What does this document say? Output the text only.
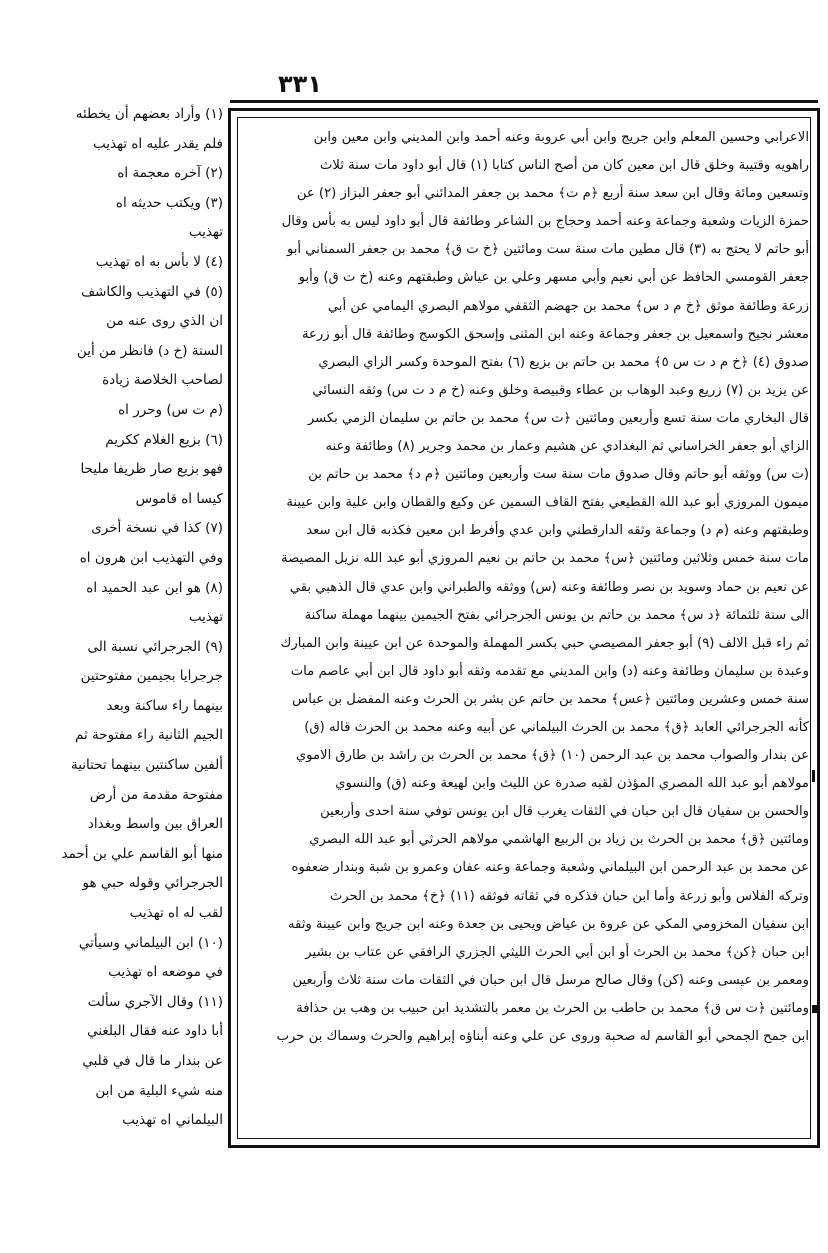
٣٣١
الاعرابي وحسين المعلم وابن جريج وابن أبي عروبة وعنه أحمد وابن المديني وابن معين وابن
راهويه وقتيبة وخلق قال ابن معين كان من أصح الناس كتابا (١) قال أبو داود مات سنة ثلاث
وتسعين ومائة وقال ابن سعد سنة أربع ﴿م ت﴾ محمد بن جعفر المدائني أبو جعفر البزاز (٢) عن
حمزة الزيات وشعبة وجماعة وعنه أحمد وحجاج بن الشاعر وطائفة قال أبو داود ليس به بأس وقال
أبو حاتم لا يحتج به (٣) قال مطين مات سنة ست ومائتين ﴿خ ت ق﴾ محمد بن جعفر السمناني أبو
جعفر القومسي الحافظ عن أبي نعيم وأبي مسهر وعلي بن عياش وطبقتهم وعنه (خ ت ق) وأبو
زرعة وطائفة موثق ﴿خ م د س﴾ محمد بن جهضم الثقفي مولاهم البصري اليمامي عن أبي
معشر نجيح واسمعيل بن جعفر وجماعة وعنه ابن المثنى وإسحق الكوسج وطائفة قال أبو زرعة
صدوق (٤) ﴿خ م د ت س ٥﴾ محمد بن حاتم بن بزيع (٦) بفتح الموحدة وكسر الزاي البصري
عن يزيد بن (٧) زريع وعبد الوهاب بن عطاء وقبيصة وخلق وعنه (خ م د ت س) وثقه النسائي
قال البخاري مات سنة تسع وأربعين ومائتين ﴿ت س﴾ محمد بن حاتم بن سليمان الزمي بكسر
الزاي أبو جعفر الخراساني ثم البغدادي عن هشيم وعمار بن محمد وجرير (٨) وطائفة وعنه
(ت س) ووثقه أبو حاتم وقال صدوق مات سنة ست وأربعين ومائتين ﴿م د﴾ محمد بن حاتم بن
ميمون المروزي أبو عبد الله القطيعي بفتح القاف السمين عن وكيع والقطان وابن علية وابن عيينة
وطبقتهم وعنه (م د) وجماعة وثقه الدارقطني وابن عدي وأفرط ابن معين فكذبه قال ابن سعد
مات سنة خمس وثلاثين ومائتين ﴿س﴾ محمد بن حاتم بن نعيم المروزي أبو عبد الله نزيل المصيصة
عن نعيم بن حماد وسويد بن نصر وطائفة وعنه (س) ووثقه والطبراني وابن عدي قال الذهبي بقي
الى سنة ثلثمائة ﴿د س﴾ محمد بن حاتم بن يونس الجرجرائي بفتح الجيمين بينهما مهملة ساكنة
ثم راء قبل الالف (٩) أبو جعفر المصيصي حبي بكسر المهملة والموحدة عن ابن عيينة وابن المبارك
وعبدة بن سليمان وطائفة وعنه (د) وابن المديني مع تقدمه وثقه أبو داود قال ابن أبي عاصم مات
سنة خمس وعشرين ومائتين ﴿عس﴾ محمد بن حاتم عن بشر بن الحرث وعنه المفضل بن عباس
كأنه الجرجرائي العابد ﴿ق﴾ محمد بن الحرث البيلماني عن أبيه وعنه محمد بن الحرث قاله (ق)
عن بندار والصواب محمد بن عبد الرحمن (١٠) ﴿ق﴾ محمد بن الحرث بن راشد بن طارق الاموي
مولاهم أبو عبد الله المصري المؤذن لقبه صدرة عن الليث وابن لهيعة وعنه (ق) والنسوي
والحسن بن سفيان قال ابن حبان في الثقات يغرب قال ابن يونس توفي سنة احدى وأربعين
ومائتين ﴿ق﴾ محمد بن الحرث بن زياد بن الربيع الهاشمي مولاهم الحرثي أبو عبد الله البصري
عن محمد بن عبد الرحمن ابن البيلماني وشعبة وجماعة وعنه عفان وعمرو بن شبة وبندار ضعفوه
وتركه الفلاس وأبو زرعة وأما ابن حبان فذكره في ثقاته فوثقه (١١) ﴿خ﴾ محمد بن الحرث
ابن سفيان المخزومي المكي عن عروة بن عياض ويحيى بن جعدة وعنه ابن جريج وابن عيينة وثقه
ابن حبان ﴿كن﴾ محمد بن الحرث أو ابن أبي الحرث الليثي الجزري الرافقي عن عتاب بن بشير
ومعمر بن عيسى وعنه (كن) وقال صالح مرسل قال ابن حبان في الثقات مات سنة ثلاث وأربعين
ومائتين ﴿ت س ق﴾ محمد بن حاطب بن الحرث بن معمر بالتشديد ابن حبيب بن وهب بن حذافة
ابن جمح الجمحي أبو القاسم له صحبة وروى عن علي وعنه أبناؤه إبراهيم والحرث وسماك بن حرب
(١) وأراد بعضهم أن يخطئه
فلم يقدر عليه اه تهذيب
(٢) آخره معجمة اه
(٣) ويكتب حديثه اه
تهذيب
(٤) لا بأس به اه تهذيب
(٥) في التهذيب والكاشف
ان الذي روى عنه من
الستة (خ د) فانظر من أين
لصاحب الخلاصة زيادة
(م ت س) وحرر اه
(٦) بزيع الغلام ككريم
فهو بزيع صار ظريفا مليحا
كيسا اه قاموس
(٧) كذا في نسخة أخرى
وفي التهذيب ابن هرون اه
(٨) هو ابن عبد الحميد اه
تهذيب
(٩) الجرجرائي نسبة الى
جرجرايا بجيمين مفتوحتين
بينهما راء ساكنة وبعد
الجيم الثانية راء مفتوحة ثم
ألفين ساكنتين بينهما تحتانية
مفتوحة مقدمة من أرض
العراق بين واسط وبغداد
منها أبو القاسم علي بن أحمد
الجرجرائي وقوله حبي هو
لقب له اه تهذيب
(١٠) ابن البيلماني وسيأتي
في موضعه اه تهذيب
(١١) وقال الآجري سألت
أبا داود عنه فقال البلغني
عن بندار ما قال في قلبي
منه شيء البلية من ابن
البيلماني اه تهذيب
